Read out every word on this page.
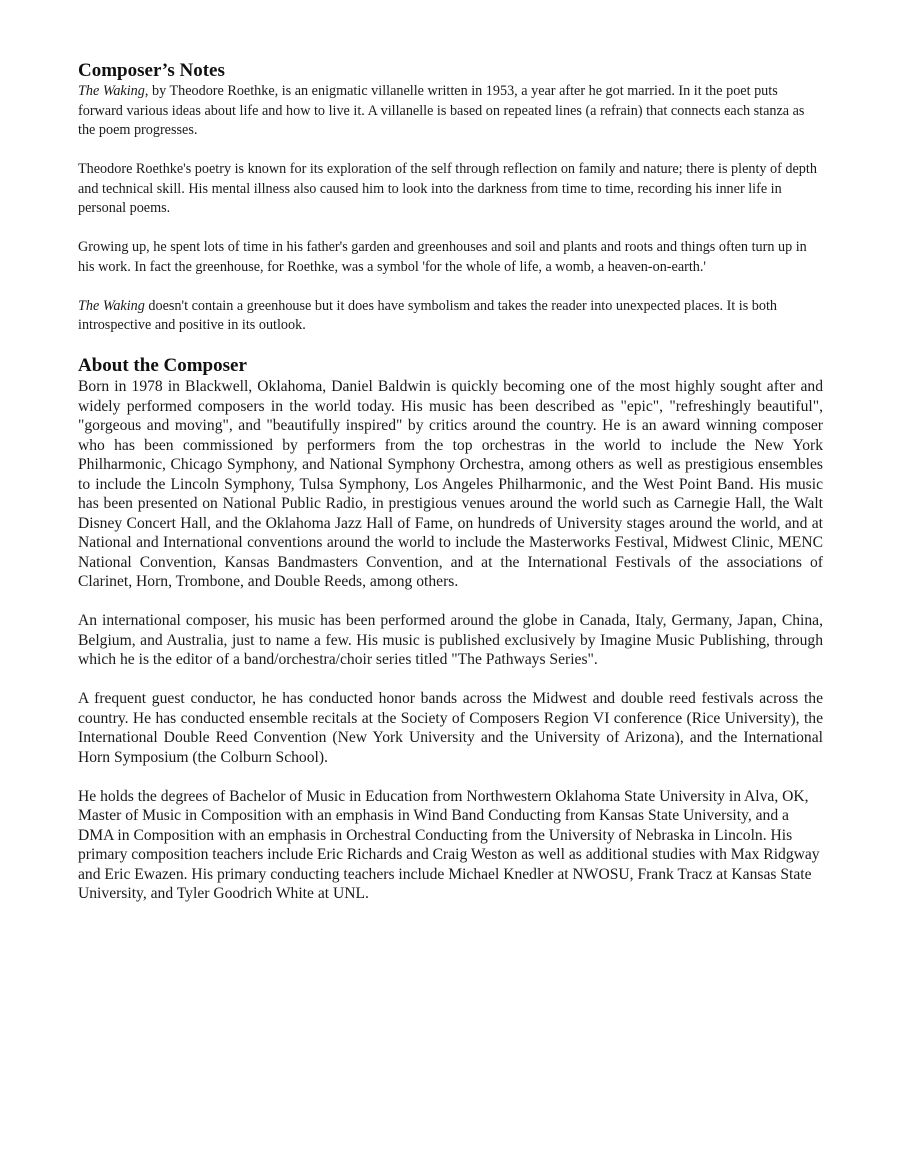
Composer’s Notes

The Waking, by Theodore Roethke, is an enigmatic villanelle written in 1953, a year after he got married. In it the poet puts forward various ideas about life and how to live it. A villanelle is based on repeated lines (a refrain) that connects each stanza as the poem progresses.

Theodore Roethke's poetry is known for its exploration of the self through reflection on family and nature; there is plenty of depth and technical skill. His mental illness also caused him to look into the darkness from time to time, recording his inner life in personal poems.

Growing up, he spent lots of time in his father's garden and greenhouses and soil and plants and roots and things often turn up in his work. In fact the greenhouse, for Roethke, was a symbol 'for the whole of life, a womb, a heaven-on-earth.'

The Waking doesn't contain a greenhouse but it does have symbolism and takes the reader into unexpected places. It is both introspective and positive in its outlook.

About the Composer

Born in 1978 in Blackwell, Oklahoma, Daniel Baldwin is quickly becoming one of the most highly sought after and widely performed composers in the world today. His music has been described as "epic", "refreshingly beautiful", "gorgeous and moving", and "beautifully inspired" by critics around the country. He is an award winning composer who has been commissioned by performers from the top orchestras in the world to include the New York Philharmonic, Chicago Symphony, and National Symphony Orchestra, among others as well as prestigious ensembles to include the Lincoln Symphony, Tulsa Symphony, Los Angeles Philharmonic, and the West Point Band. His music has been presented on National Public Radio, in prestigious venues around the world such as Carnegie Hall, the Walt Disney Concert Hall, and the Oklahoma Jazz Hall of Fame, on hundreds of University stages around the world, and at National and International conventions around the world to include the Masterworks Festival, Midwest Clinic, MENC National Convention, Kansas Bandmasters Convention, and at the International Festivals of the associations of Clarinet, Horn, Trombone, and Double Reeds, among others.

An international composer, his music has been performed around the globe in Canada, Italy, Germany, Japan, China, Belgium, and Australia, just to name a few. His music is published exclusively by Imagine Music Publishing, through which he is the editor of a band/orchestra/choir series titled "The Pathways Series".

A frequent guest conductor, he has conducted honor bands across the Midwest and double reed festivals across the country. He has conducted ensemble recitals at the Society of Composers Region VI conference (Rice University), the International Double Reed Convention (New York University and the University of Arizona), and the International Horn Symposium (the Colburn School).

He holds the degrees of Bachelor of Music in Education from Northwestern Oklahoma State University in Alva, OK, Master of Music in Composition with an emphasis in Wind Band Conducting from Kansas State University, and a DMA in Composition with an emphasis in Orchestral Conducting from the University of Nebraska in Lincoln. His primary composition teachers include Eric Richards and Craig Weston as well as additional studies with Max Ridgway and Eric Ewazen. His primary conducting teachers include Michael Knedler at NWOSU, Frank Tracz at Kansas State University, and Tyler Goodrich White at UNL.
